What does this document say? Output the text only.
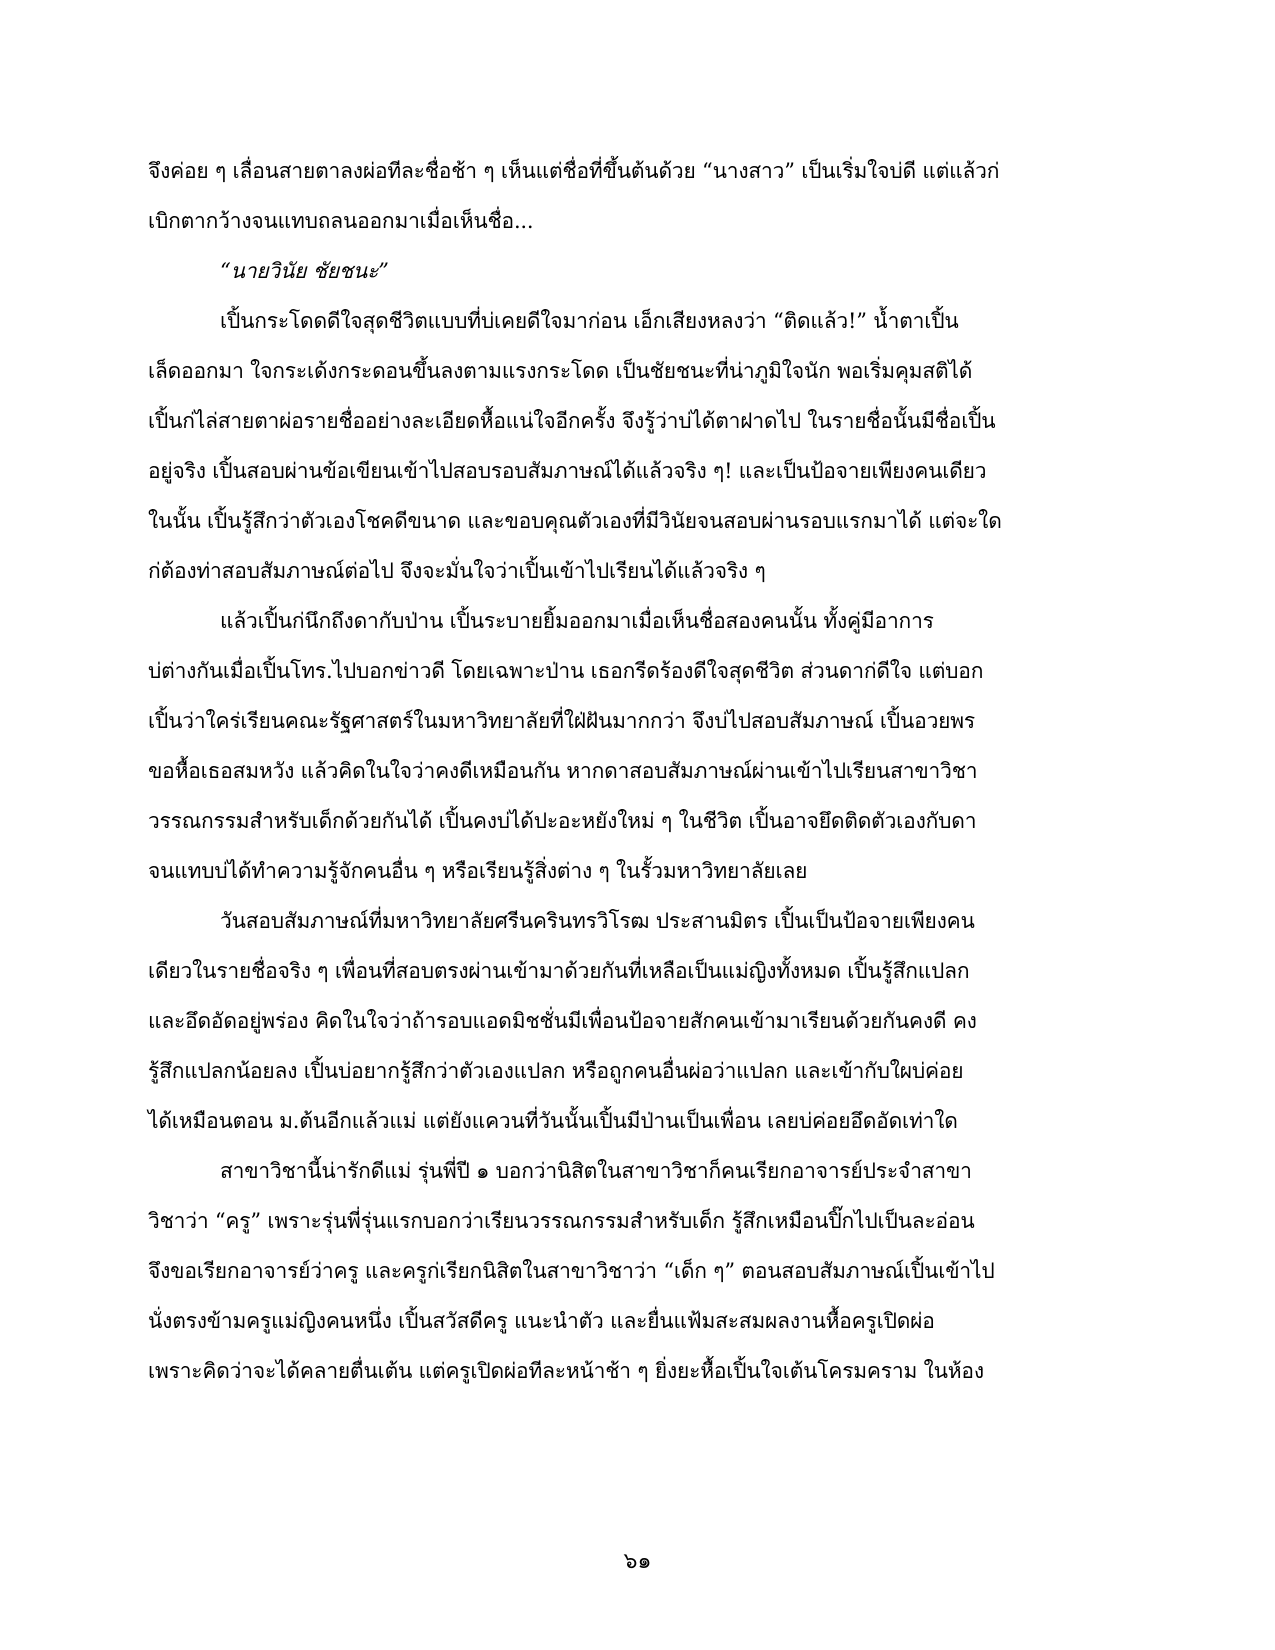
จึงค่อย ๆ เลื่อนสายตาลงผ่อทีละชื่อช้า ๆ เห็นแต่ชื่อที่ขึ้นต้นด้วย “นางสาว” เป็นเริ่มใจบ่ดี แต่แล้วก่
เบิกตากว้างจนแทบถลนออกมาเมื่อเห็นชื่อ...
“นายวินัย ชัยชนะ”
เปิ้นกระโดดดีใจสุดชีวิตแบบที่บ่เคยดีใจมาก่อน เอ็กเสียงหลงว่า “ติดแล้ว!” น้ำตาเปิ้น
เล็ดออกมา ใจกระเด้งกระดอนขึ้นลงตามแรงกระโดด เป็นชัยชนะที่น่าภูมิใจนัก พอเริ่มคุมสติได้
เปิ้นก่ไล่สายตาผ่อรายชื่ออย่างละเอียดหื้อแน่ใจอีกครั้ง จึงรู้ว่าบ่ได้ตาฝาดไป ในรายชื่อนั้นมีชื่อเปิ้น
อยู่จริง เปิ้นสอบผ่านข้อเขียนเข้าไปสอบรอบสัมภาษณ์ได้แล้วจริง ๆ! และเป็นป้อจายเพียงคนเดียว
ในนั้น เปิ้นรู้สึกว่าตัวเองโชคดีขนาด และขอบคุณตัวเองที่มีวินัยจนสอบผ่านรอบแรกมาได้ แต่จะใด
ก่ต้องท่าสอบสัมภาษณ์ต่อไป จึงจะมั่นใจว่าเปิ้นเข้าไปเรียนได้แล้วจริง ๆ
แล้วเปิ้นก่นึกถึงดากับป่าน เปิ้นระบายยิ้มออกมาเมื่อเห็นชื่อสองคนนั้น ทั้งคู่มีอาการ
บ่ต่างกันเมื่อเปิ้นโทร.ไปบอกข่าวดี โดยเฉพาะป่าน เธอกรีดร้องดีใจสุดชีวิต ส่วนดาก่ดีใจ แต่บอก
เปิ้นว่าใคร่เรียนคณะรัฐศาสตร์ในมหาวิทยาลัยที่ใฝ่ฝันมากกว่า จึงบ่ไปสอบสัมภาษณ์ เปิ้นอวยพร
ขอหื้อเธอสมหวัง แล้วคิดในใจว่าคงดีเหมือนกัน หากดาสอบสัมภาษณ์ผ่านเข้าไปเรียนสาขาวิชา
วรรณกรรมสำหรับเด็กด้วยกันได้ เปิ้นคงบ่ได้ปะอะหยังใหม่ ๆ ในชีวิต เปิ้นอาจยึดติดตัวเองกับดา
จนแทบบ่ได้ทำความรู้จักคนอื่น ๆ หรือเรียนรู้สิ่งต่าง ๆ ในรั้วมหาวิทยาลัยเลย
วันสอบสัมภาษณ์ที่มหาวิทยาลัยศรีนครินทรวิโรฒ ประสานมิตร เปิ้นเป็นป้อจายเพียงคน
เดียวในรายชื่อจริง ๆ เพื่อนที่สอบตรงผ่านเข้ามาด้วยกันที่เหลือเป็นแม่ญิงทั้งหมด เปิ้นรู้สึกแปลก
และอึดอัดอยู่พร่อง คิดในใจว่าถ้ารอบแอดมิชชั่นมีเพื่อนป้อจายสักคนเข้ามาเรียนด้วยกันคงดี คง
รู้สึกแปลกน้อยลง เปิ้นบ่อยากรู้สึกว่าตัวเองแปลก หรือถูกคนอื่นผ่อว่าแปลก และเข้ากับใผบ่ค่อย
ได้เหมือนตอน ม.ต้นอีกแล้วแม่ แต่ยังแควนที่วันนั้นเปิ้นมีป่านเป็นเพื่อน เลยบ่ค่อยอึดอัดเท่าใด
สาขาวิชานี้น่ารักดีแม่ รุ่นพี่ปี ๑ บอกว่านิสิตในสาขาวิชาก็คนเรียกอาจารย์ประจำสาขา
วิชาว่า “ครู” เพราะรุ่นพี่รุ่นแรกบอกว่าเรียนวรรณกรรมสำหรับเด็ก รู้สึกเหมือนปิ๊กไปเป็นละอ่อน
จึงขอเรียกอาจารย์ว่าครู และครูก่เรียกนิสิตในสาขาวิชาว่า “เด็ก ๆ” ตอนสอบสัมภาษณ์เปิ้นเข้าไป
นั่งตรงข้ามครูแม่ญิงคนหนึ่ง เปิ้นสวัสดีครู แนะนำตัว และยื่นแฟ้มสะสมผลงานหื้อครูเปิดผ่อ
เพราะคิดว่าจะได้คลายตื่นเต้น แต่ครูเปิดผ่อทีละหน้าช้า ๆ ยิ่งยะหื้อเปิ้นใจเต้นโครมคราม ในห้อง
๖๑
